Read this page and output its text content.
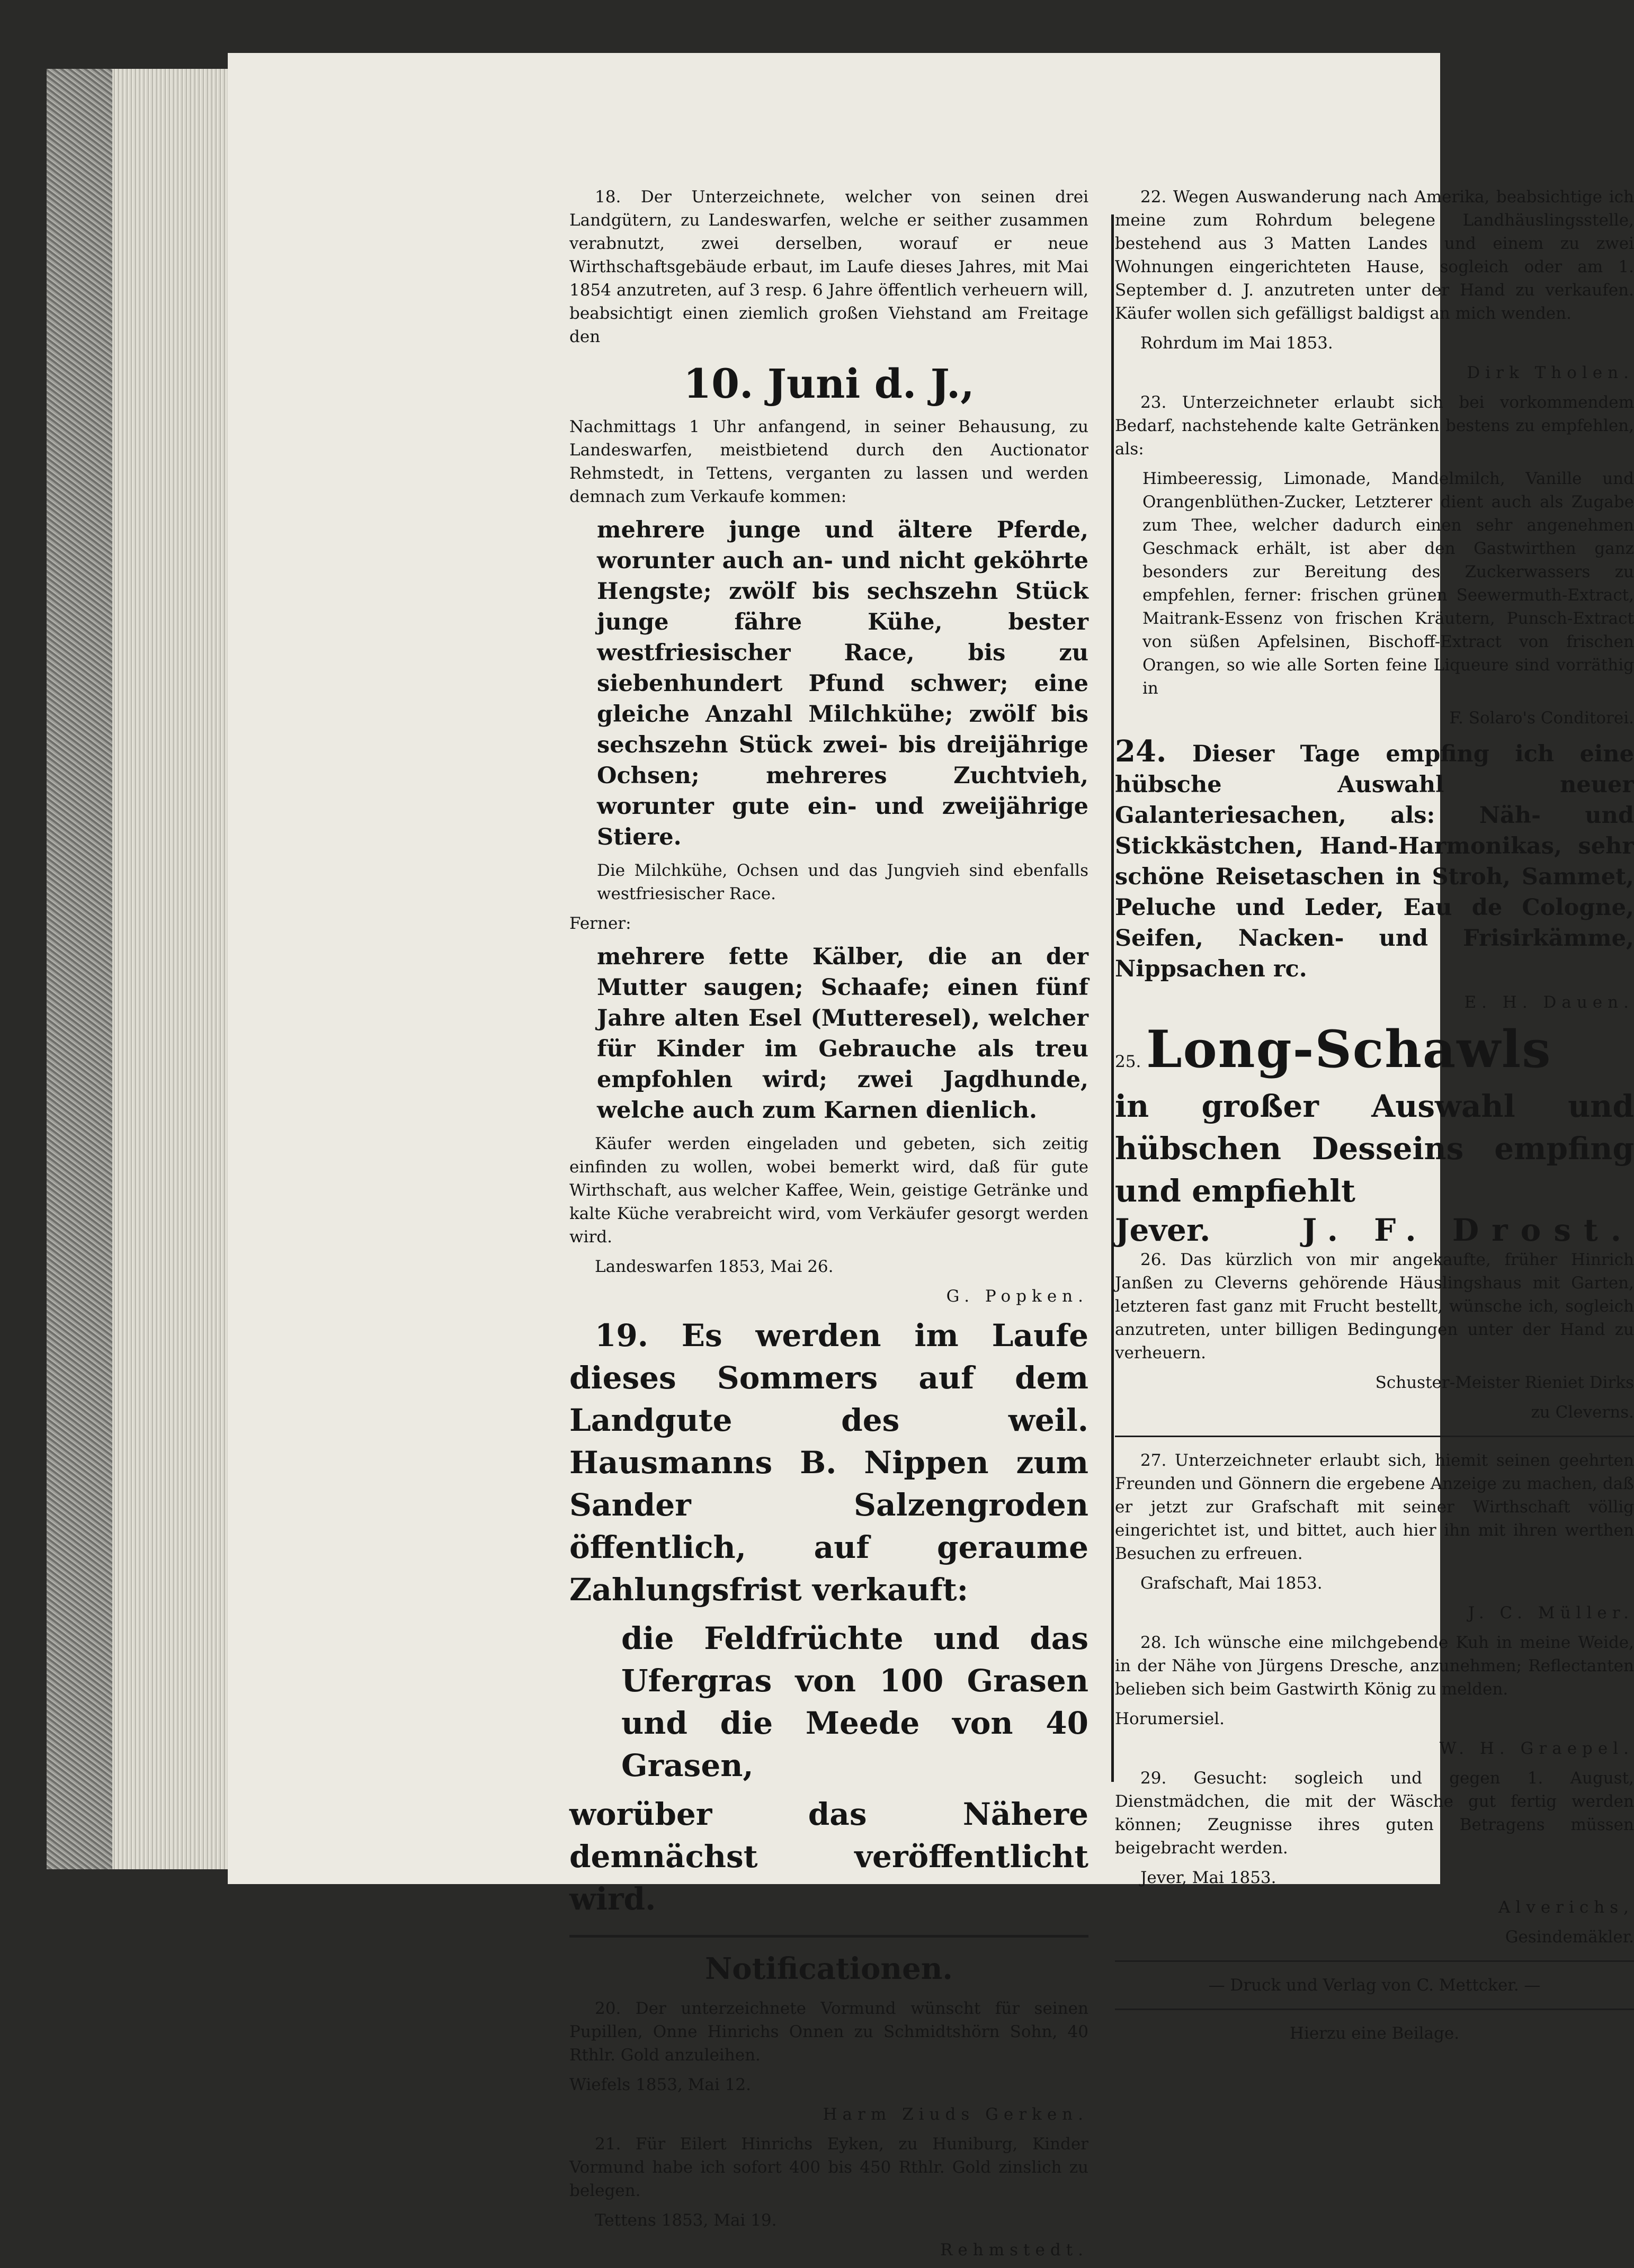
18. Der Unterzeichnete, welcher von seinen drei Landgütern, zu Landeswarfen, welche er seither zusammen verabnutzt, zwei derselben, worauf er neue Wirthschaftsgebäude erbaut, im Laufe dieses Jahres, mit Mai 1854 anzutreten, auf 3 resp. 6 Jahre öffentlich verheuern will, beabsichtigt einen ziemlich großen Viehstand am Freitage den

10. Juni d. J.,

Nachmittags 1 Uhr anfangend, in seiner Behausung, zu Landeswarfen, meistbietend durch den Auctionator Rehmstedt, in Tettens, verganten zu lassen und werden demnach zum Verkaufe kommen:

mehrere junge und ältere Pferde, worunter auch an- und nicht geköhrte Hengste; zwölf bis sechszehn Stück junge fähre Kühe, bester westfriesischer Race, bis zu siebenhundert Pfund schwer; eine gleiche Anzahl Milchkühe; zwölf bis sechszehn Stück zwei- bis dreijährige Ochsen; mehreres Zuchtvieh, worunter gute ein- und zweijährige Stiere.

Die Milchkühe, Ochsen und das Jungvieh sind ebenfalls westfriesischer Race.

Ferner:

mehrere fette Kälber, die an der Mutter saugen; Schaafe; einen fünf Jahre alten Esel (Mutteresel), welcher für Kinder im Gebrauche als treu empfohlen wird; zwei Jagdhunde, welche auch zum Karnen dienlich.

Käufer werden eingeladen und gebeten, sich zeitig einfinden zu wollen, wobei bemerkt wird, daß für gute Wirthschaft, aus welcher Kaffee, Wein, geistige Getränke und kalte Küche verabreicht wird, vom Verkäufer gesorgt werden wird.

Landeswarfen 1853, Mai 26.

G. Popken.

19. Es werden im Laufe dieses Sommers auf dem Landgute des weil. Hausmanns B. Nippen zum Sander Salzengroden öffentlich, auf geraume Zahlungsfrist verkauft:

die Feldfrüchte und das Ufergras von 100 Grasen und die Meede von 40 Grasen,

worüber das Nähere demnächst veröffentlicht wird.

Notificationen.

20. Der unterzeichnete Vormund wünscht für seinen Pupillen, Onne Hinrichs Onnen zu Schmidtshörn Sohn, 40 Rthlr. Gold anzuleihen.

Wiefels 1853, Mai 12.

Harm Ziuds Gerken.

21. Für Eilert Hinrichs Eyken, zu Huniburg, Kinder Vormund habe ich sofort 400 bis 450 Rthlr. Gold zinslich zu belegen.

Tettens 1853, Mai 19.

Rehmstedt.

22. Wegen Auswanderung nach Amerika, beabsichtige ich meine zum Rohrdum belegene Landhäuslingsstelle, bestehend aus 3 Matten Landes und einem zu zwei Wohnungen eingerichteten Hause, sogleich oder am 1. September d. J. anzutreten unter der Hand zu verkaufen. Käufer wollen sich gefälligst baldigst an mich wenden.

Rohrdum im Mai 1853.

Dirk Tholen.

23. Unterzeichneter erlaubt sich bei vorkommendem Bedarf, nachstehende kalte Getränken bestens zu empfehlen, als:

Himbeeressig, Limonade, Mandelmilch, Vanille und Orangenblüthen-Zucker, Letzterer dient auch als Zugabe zum Thee, welcher dadurch einen sehr angenehmen Geschmack erhält, ist aber den Gastwirthen ganz besonders zur Bereitung des Zuckerwassers zu empfehlen, ferner: frischen grünen Seewermuth-Extract, Maitrank-Essenz von frischen Kräutern, Punsch-Extract von süßen Apfelsinen, Bischoff-Extract von frischen Orangen, so wie alle Sorten feine Liqueure sind vorräthig in

F. Solaro's Conditorei.

24. Dieser Tage empfing ich eine hübsche Auswahl neuer Galanteriesachen, als: Näh- und Stickkästchen, Hand-Harmonikas, sehr schöne Reisetaschen in Stroh, Sammet, Peluche und Leder, Eau de Cologne, Seifen, Nacken- und Frisirkämme, Nippsachen rc.

E. H. Dauen.

25. Long-Schawls

in großer Auswahl und hübschen Desseins empfing und empfiehlt

Jever.	J. F. Drost.

26. Das kürzlich von mir angekaufte, früher Hinrich Janßen zu Cleverns gehörende Häuslingshaus mit Garten, letzteren fast ganz mit Frucht bestellt, wünsche ich, sogleich anzutreten, unter billigen Bedingungen unter der Hand zu verheuern.

Schuster-Meister Rieniet Dirks

zu Cleverns.

27. Unterzeichneter erlaubt sich, hiemit seinen geehrten Freunden und Gönnern die ergebene Anzeige zu machen, daß er jetzt zur Grafschaft mit seiner Wirthschaft völlig eingerichtet ist, und bittet, auch hier ihn mit ihren werthen Besuchen zu erfreuen.

Grafschaft, Mai 1853.

J. C. Müller.

28. Ich wünsche eine milchgebende Kuh in meine Weide, in der Nähe von Jürgens Dresche, anzunehmen; Reflectanten belieben sich beim Gastwirth König zu melden.

Horumersiel.

W. H. Graepel.

29. Gesucht: sogleich und gegen 1. August, Dienstmädchen, die mit der Wäsche gut fertig werden können; Zeugnisse ihres guten Betragens müssen beigebracht werden.

Jever, Mai 1853.

Alverichs,

Gesindemäkler.

— Druck und Verlag von C. Mettcker. —

Hierzu eine Beilage.
